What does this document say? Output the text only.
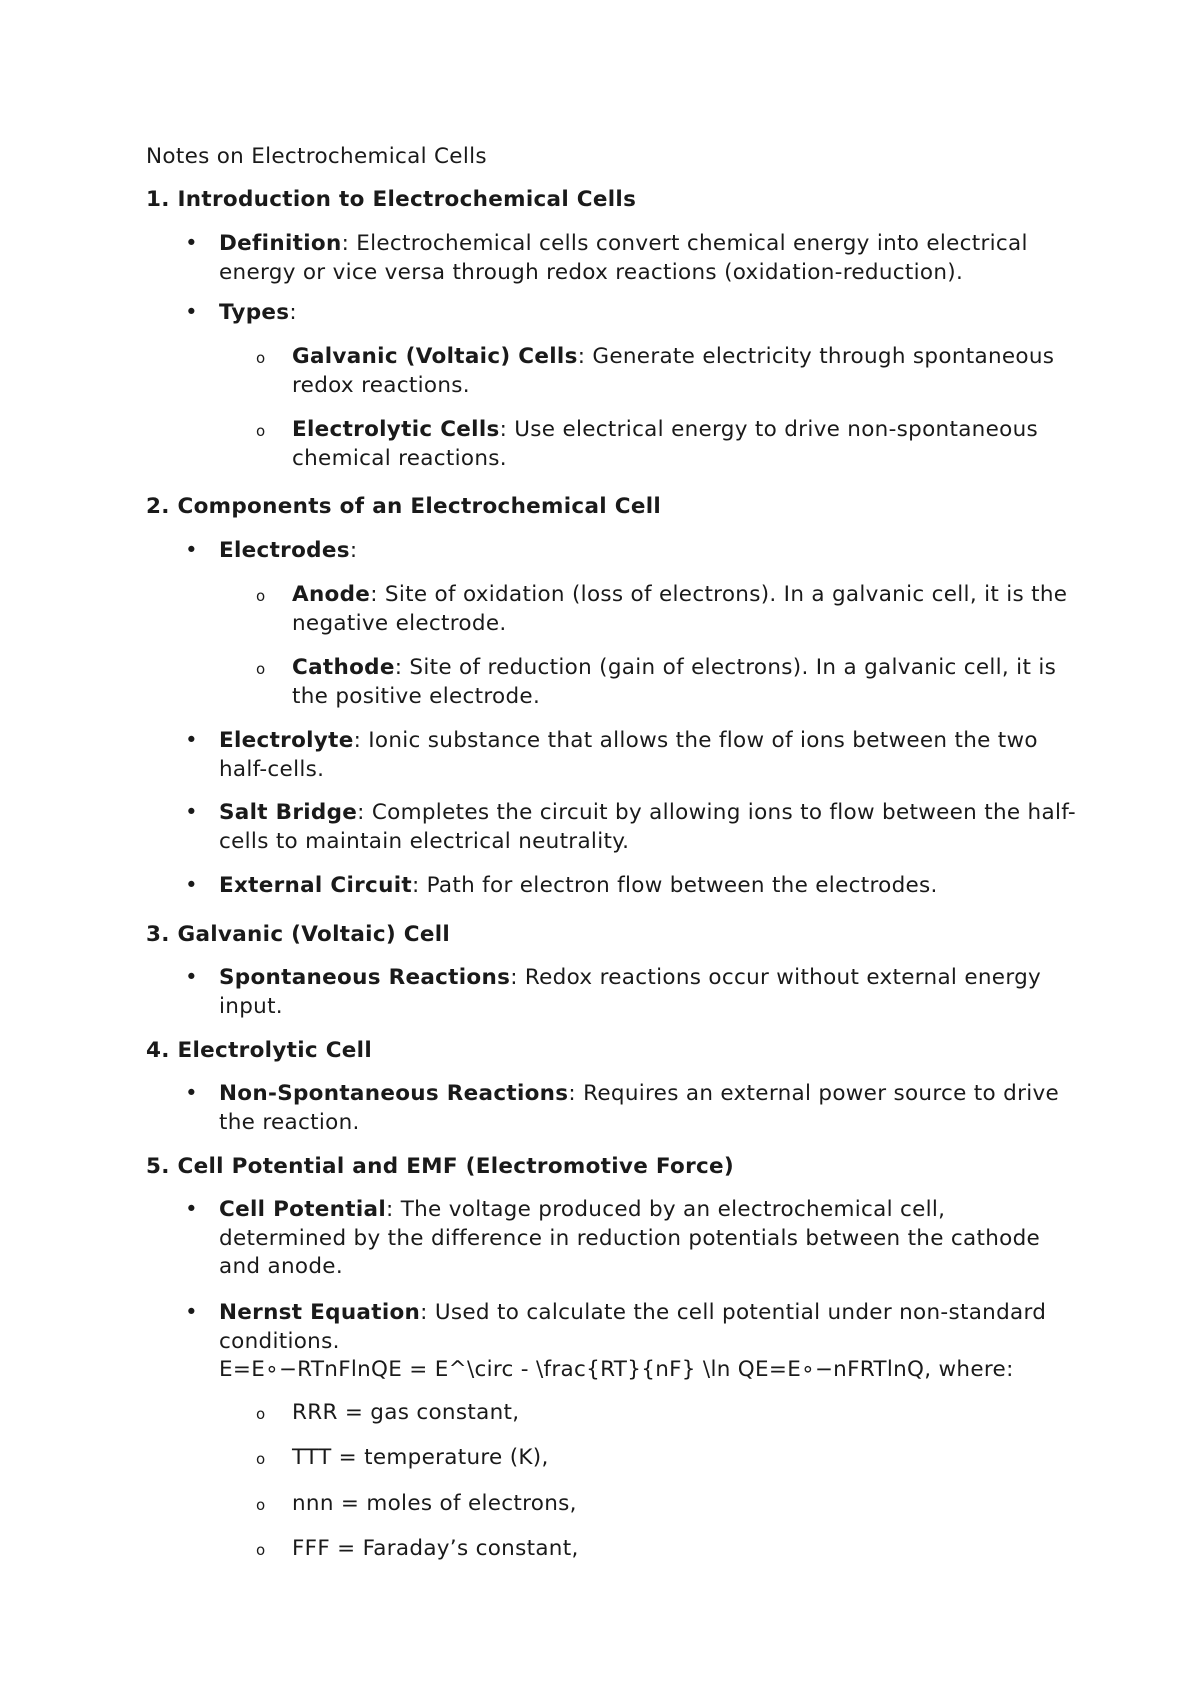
Notes on Electrochemical Cells
1. Introduction to Electrochemical Cells
• Definition: Electrochemical cells convert chemical energy into electrical energy or vice versa through redox reactions (oxidation-reduction).
• Types:
o Galvanic (Voltaic) Cells: Generate electricity through spontaneous redox reactions.
o Electrolytic Cells: Use electrical energy to drive non-spontaneous chemical reactions.
2. Components of an Electrochemical Cell
• Electrodes:
o Anode: Site of oxidation (loss of electrons). In a galvanic cell, it is the negative electrode.
o Cathode: Site of reduction (gain of electrons). In a galvanic cell, it is the positive electrode.
• Electrolyte: Ionic substance that allows the flow of ions between the two half-cells.
• Salt Bridge: Completes the circuit by allowing ions to flow between the half-cells to maintain electrical neutrality.
• External Circuit: Path for electron flow between the electrodes.
3. Galvanic (Voltaic) Cell
• Spontaneous Reactions: Redox reactions occur without external energy input.
4. Electrolytic Cell
• Non-Spontaneous Reactions: Requires an external power source to drive the reaction.
5. Cell Potential and EMF (Electromotive Force)
• Cell Potential: The voltage produced by an electrochemical cell, determined by the difference in reduction potentials between the cathode and anode.
• Nernst Equation: Used to calculate the cell potential under non-standard conditions.
E=E∘−RTnFlnQE = E^\circ - \frac{RT}{nF} \ln QE=E∘−nFRTlnQ, where:
o RRR = gas constant,
o TTT = temperature (K),
o nnn = moles of electrons,
o FFF = Faraday’s constant,
